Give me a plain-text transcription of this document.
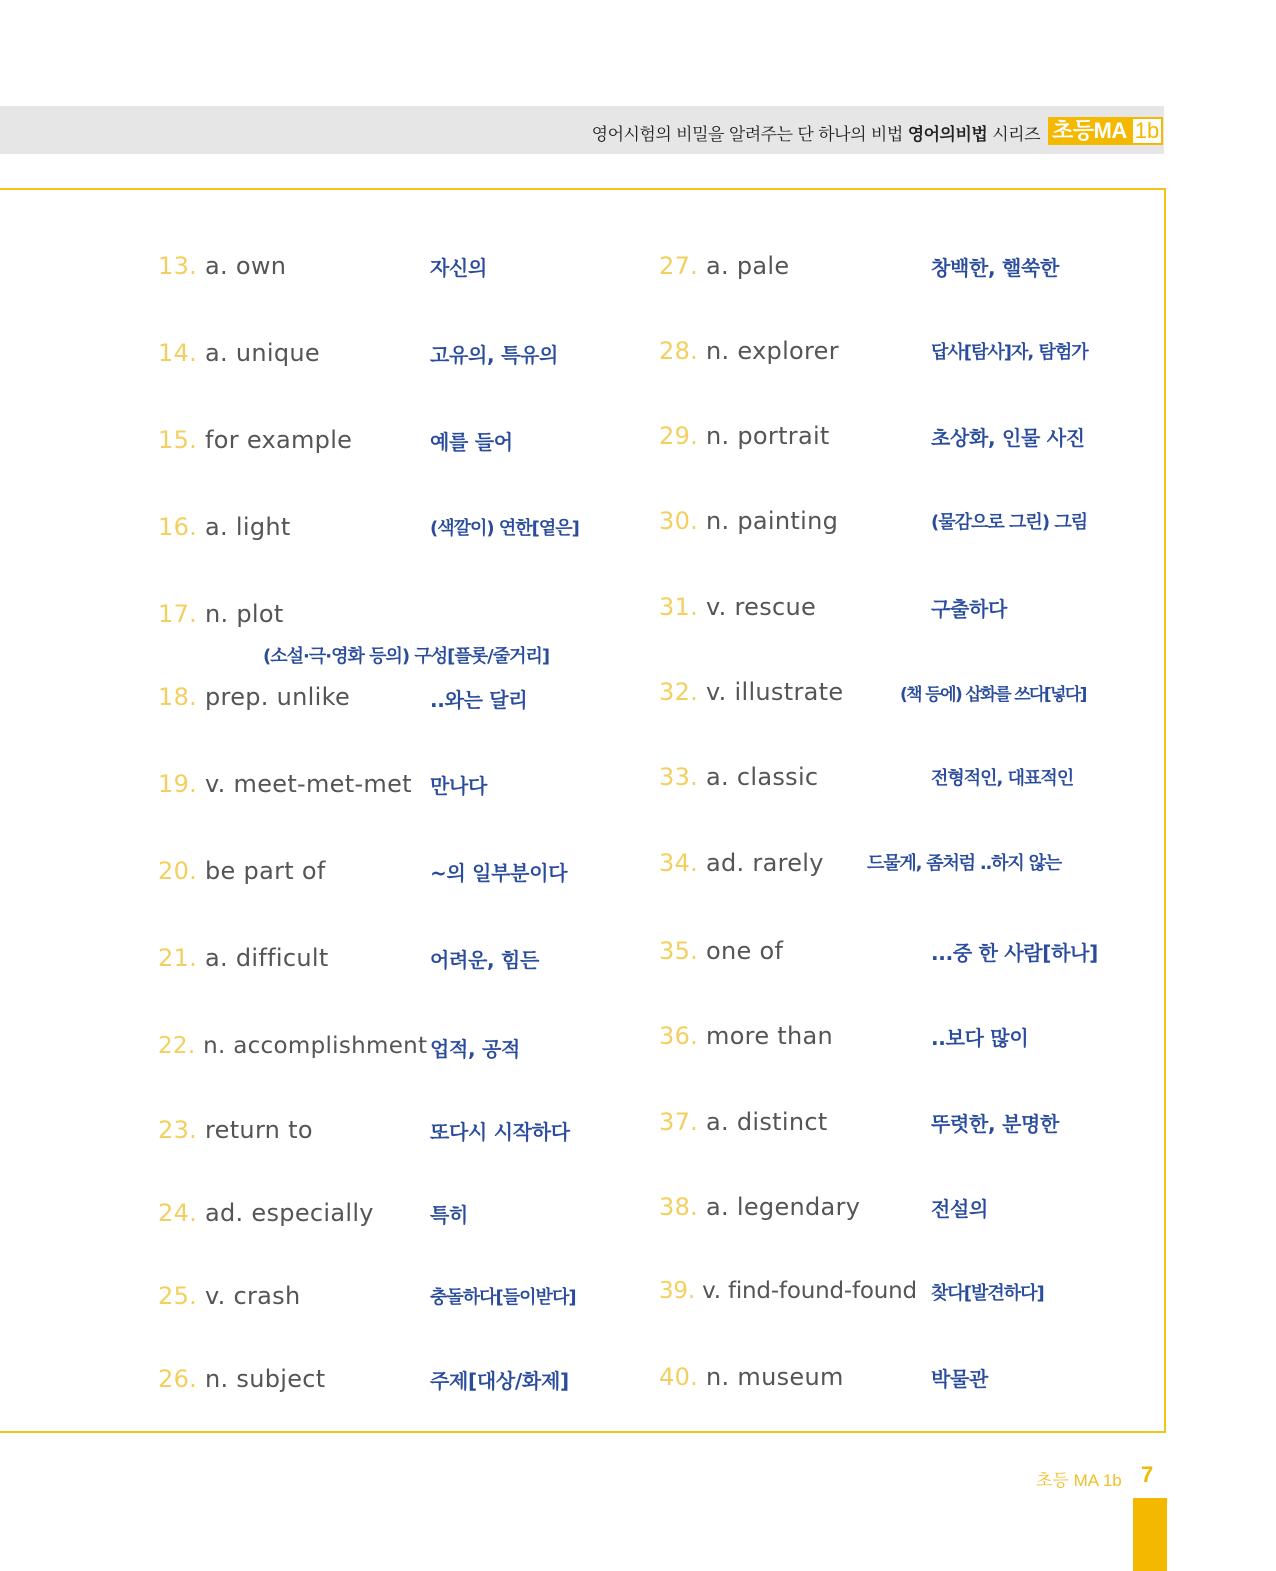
영어시험의 비밀을 알려주는 단 하나의 비법 영어의비법 시리즈 초등MA 1b
13. a. own	자신의
14. a. unique	고유의, 특유의
15. for example	예를 들어
16. a. light	(색깔이) 연한[옅은]
17. n. plot
(소설·극·영화 등의) 구성[플롯/줄거리]
18. prep. unlike	..와는 달리
19. v. meet-met-met 만나다
20. be part of	~의 일부분이다
21. a. difficult	어려운, 힘든
22. n. accomplishment 업적, 공적
23. return to	또다시 시작하다
24. ad. especially	특히
25. v. crash	충돌하다[들이받다]
26. n. subject	주제[대상/화제]
27. a. pale	창백한, 핼쑥한
28. n. explorer	답사[탐사]자, 탐험가
29. n. portrait	초상화, 인물 사진
30. n. painting	(물감으로 그린) 그림
31. v. rescue	구출하다
32. v. illustrate	(책 등에) 삽화를 쓰다[넣다]
33. a. classic	전형적인, 대표적인
34. ad. rarely 드물게, 좀처럼 ..하지 않는
35. one of	...중 한 사람[하나]
36. more than	..보다 많이
37. a. distinct	뚜렷한, 분명한
38. a. legendary	전설의
39. v. find-found-found 찾다[발견하다]
40. n. museum	박물관
초등 MA 1b 7
